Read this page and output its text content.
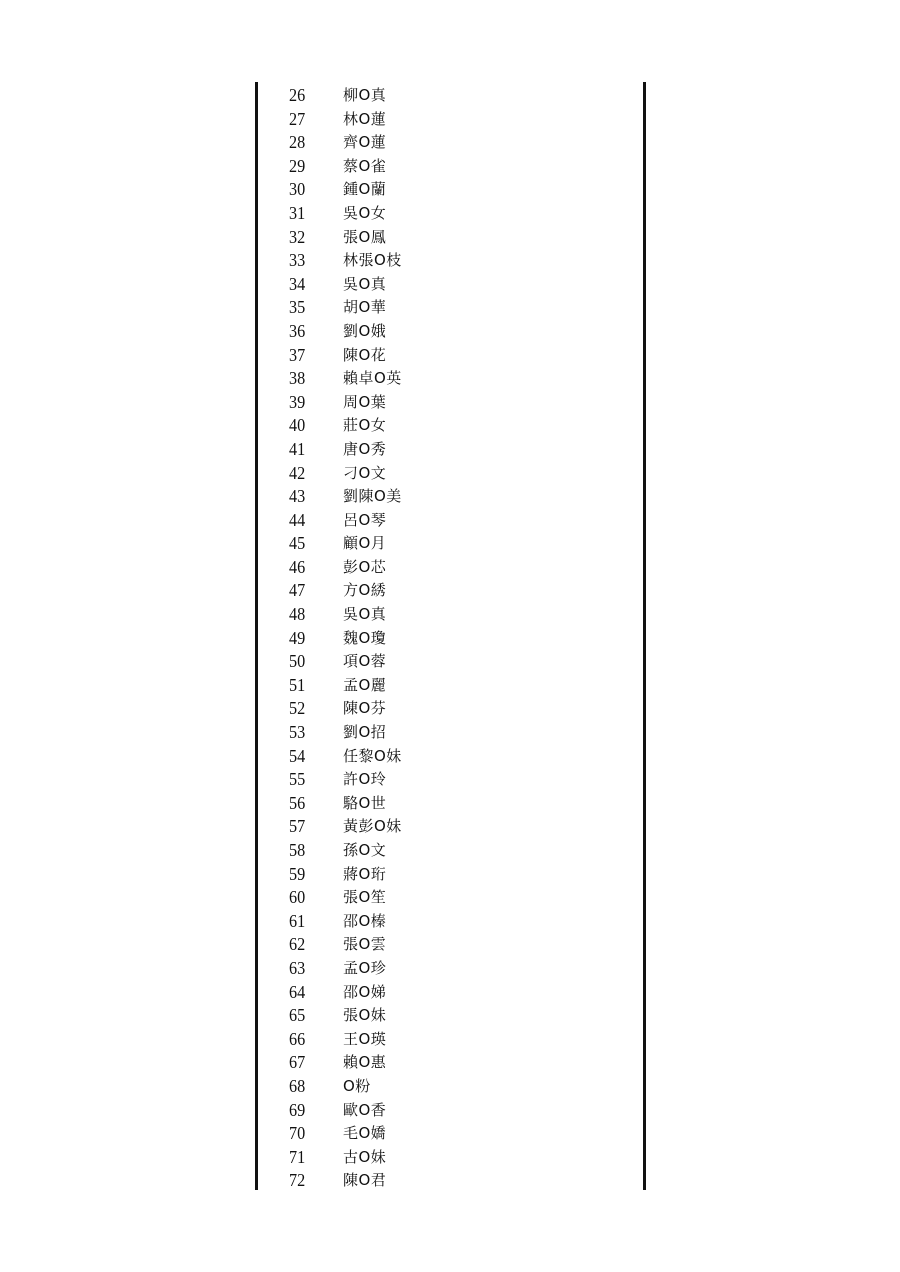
26	柳O真
27	林O蓮
28	齊O蓮
29	蔡O雀
30	鍾O蘭
31	吳O女
32	張O鳳
33	林張O枝
34	吳O真
35	胡O華
36	劉O娥
37	陳O花
38	賴卓O英
39	周O葉
40	莊O女
41	唐O秀
42	刁O文
43	劉陳O美
44	呂O琴
45	顧O月
46	彭O芯
47	方O綉
48	吳O真
49	魏O瓊
50	項O蓉
51	孟O麗
52	陳O芬
53	劉O招
54	任黎O妹
55	許O玲
56	駱O世
57	黃彭O妹
58	孫O文
59	蔣O珩
60	張O笙
61	邵O榛
62	張O雲
63	孟O珍
64	邵O娣
65	張O妹
66	王O瑛
67	賴O惠
68	O粉
69	歐O香
70	毛O嬌
71	古O妹
72	陳O君
